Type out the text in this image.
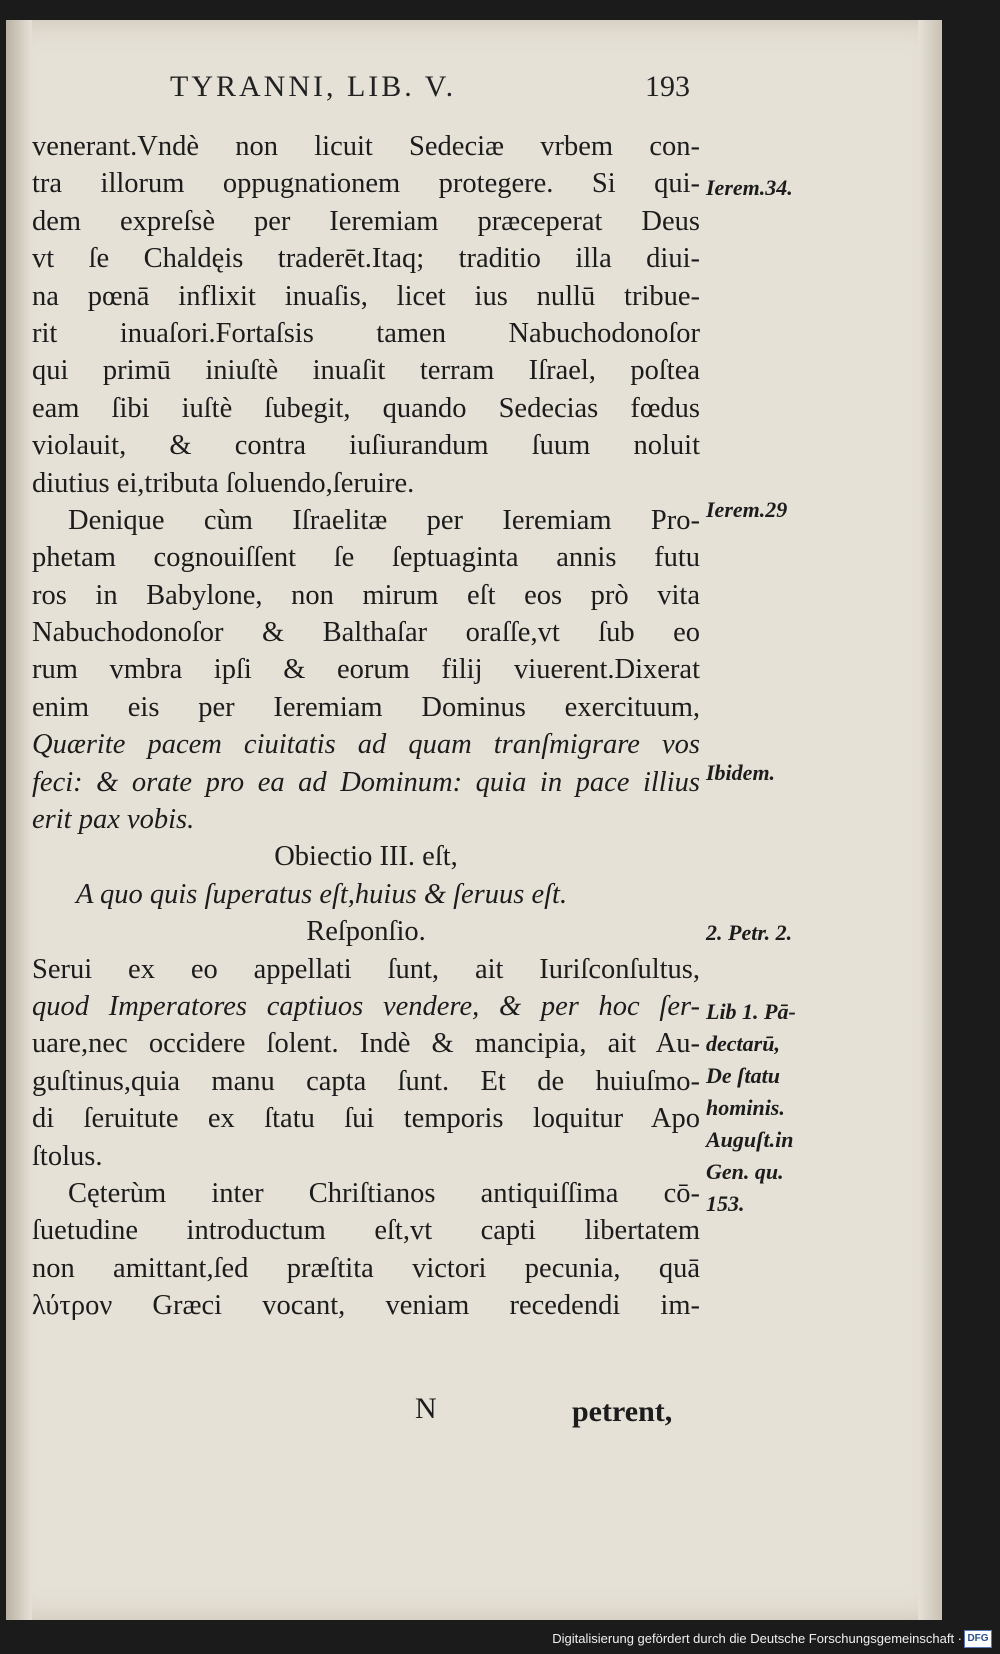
TYRANNI, LIB. V.	193
venerant.Vndè non licuit Sedeciæ vrbem con-
tra illorum oppugnationem protegere. Si qui-
dem expreſsè per Ieremiam præceperat Deus
vt ſe Chaldęis traderēt.Itaq; traditio illa diui-
na pœnā inflixit inuaſis, licet ius nullū tribue-
rit inuaſori.Fortaſsis tamen Nabuchodonoſor
qui primū iniuſtè inuaſit terram Iſrael, poſtea
eam ſibi iuſtè ſubegit, quando Sedecias fœdus
violauit, & contra iuſiurandum ſuum noluit
diutius ei,tributa ſoluendo,ſeruire.
Denique cùm Iſraelitæ per Ieremiam Pro-
phetam cognouiſſent ſe ſeptuaginta annis futu
ros in Babylone, non mirum eſt eos prò vita
Nabuchodonoſor & Balthaſar oraſſe,vt ſub eo
rum vmbra ipſi & eorum filij viuerent.Dixerat
enim eis per Ieremiam Dominus exercituum,
Quærite pacem ciuitatis ad quam tranſmigrare vos
feci: & orate pro ea ad Dominum: quia in pace illius
erit pax vobis.
Obiectio III. eſt,
A quo quis ſuperatus eſt,huius & ſeruus eſt.
Reſponſio.
Serui ex eo appellati ſunt, ait Iuriſconſultus,
quod Imperatores captiuos vendere, & per hoc ſer-
uare,nec occidere ſolent. Indè & mancipia, ait Au-
guſtinus,quia manu capta ſunt. Et de huiuſmo-
di ſeruitute ex ſtatu ſui temporis loquitur Apo
ſtolus.
Cęterùm inter Chriſtianos antiquiſſima cō-
ſuetudine introductum eſt,vt capti libertatem
non amittant,ſed præſtita victori pecunia, quā
λύτρον Græci vocant, veniam recedendi im-
Ierem.34.
Ierem.29
Ibidem.
2. Petr. 2.
Lib 1. Pā-
dectarū,
De ſtatu
hominis.
Auguſt.in
Gen. qu.
153.
N	petrent,
Digitalisierung gefördert durch die Deutsche Forschungsgemeinschaft · DFG
